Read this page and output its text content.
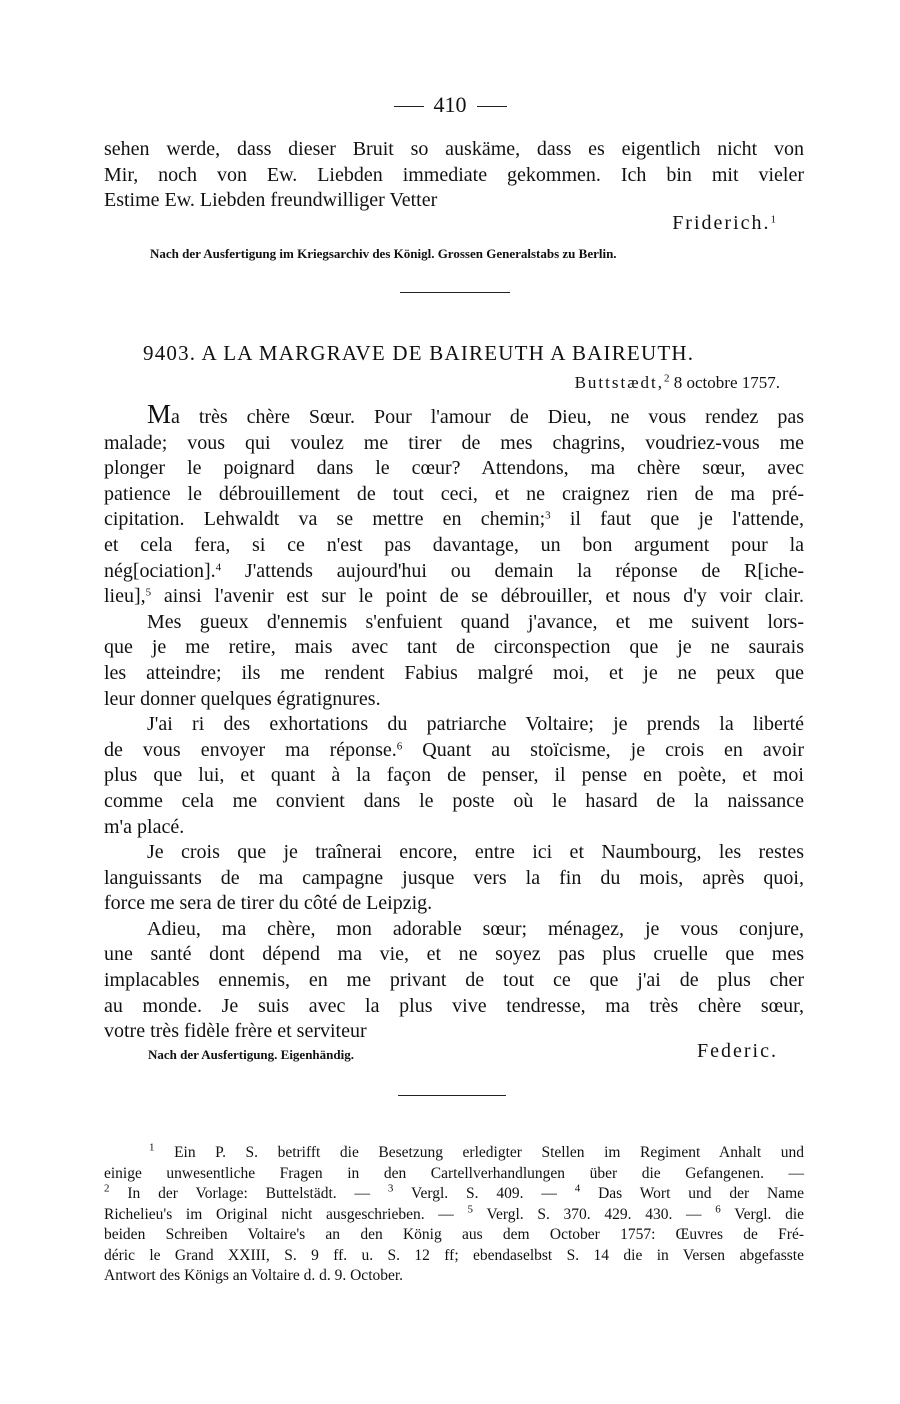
410

sehen werde, dass dieser Bruit so auskäme, dass es eigentlich nicht von

Mir, noch von Ew. Liebden immediate gekommen. Ich bin mit vieler

Estime Ew. Liebden freundwilliger Vetter

Friderich.$^1$
Nach der Ausfertigung im Kriegsarchiv des Königl. Grossen Generalstabs zu Berlin.
9403. A LA MARGRAVE DE BAIREUTH A BAIREUTH.
Buttstædt,$^2$ 8 octobre 1757.

Ma très chère Sœur. Pour l'amour de Dieu, ne vous rendez pas

malade; vous qui voulez me tirer de mes chagrins, voudriez-vous me

plonger le poignard dans le cœur? Attendons, ma chère sœur, avec

patience le débrouillement de tout ceci, et ne craignez rien de ma pré-

cipitation. Lehwaldt va se mettre en chemin;$^3$ il faut que je l'attende,

et cela fera, si ce n'est pas davantage, un bon argument pour la

nég[ociation].$^4$ J'attends aujourd'hui ou demain la réponse de R[iche-

lieu],$^5$ ainsi l'avenir est sur le point de se débrouiller, et nous d'y voir clair.

Mes gueux d'ennemis s'enfuient quand j'avance, et me suivent lors-

que je me retire, mais avec tant de circonspection que je ne saurais

les atteindre; ils me rendent Fabius malgré moi, et je ne peux que

leur donner quelques égratignures.

J'ai ri des exhortations du patriarche Voltaire; je prends la liberté

de vous envoyer ma réponse.$^6$ Quant au stoïcisme, je crois en avoir

plus que lui, et quant à la façon de penser, il pense en poète, et moi

comme cela me convient dans le poste où le hasard de la naissance

m'a placé.

Je crois que je traînerai encore, entre ici et Naumbourg, les restes

languissants de ma campagne jusque vers la fin du mois, après quoi,

force me sera de tirer du côté de Leipzig.

Adieu, ma chère, mon adorable sœur; ménagez, je vous conjure,

une santé dont dépend ma vie, et ne soyez pas plus cruelle que mes

implacables ennemis, en me privant de tout ce que j'ai de plus cher

au monde. Je suis avec la plus vive tendresse, ma très chère sœur,

votre très fidèle frère et serviteur

Nach der Ausfertigung. Eigenhändig.	Federic.

$^1$ Ein P. S. betrifft die Besetzung erledigter Stellen im Regiment Anhalt und

einige unwesentliche Fragen in den Cartellverhandlungen über die Gefangenen. —

$^2$ In der Vorlage: Buttelstädt. — $^3$ Vergl. S. 409. — $^4$ Das Wort und der Name

Richelieu's im Original nicht ausgeschrieben. — $^5$ Vergl. S. 370. 429. 430. — $^6$ Vergl. die

beiden Schreiben Voltaire's an den König aus dem October 1757: Œuvres de Fré-

déric le Grand XXIII, S. 9 ff. u. S. 12 ff; ebendaselbst S. 14 die in Versen abgefasste

Antwort des Königs an Voltaire d. d. 9. October.
